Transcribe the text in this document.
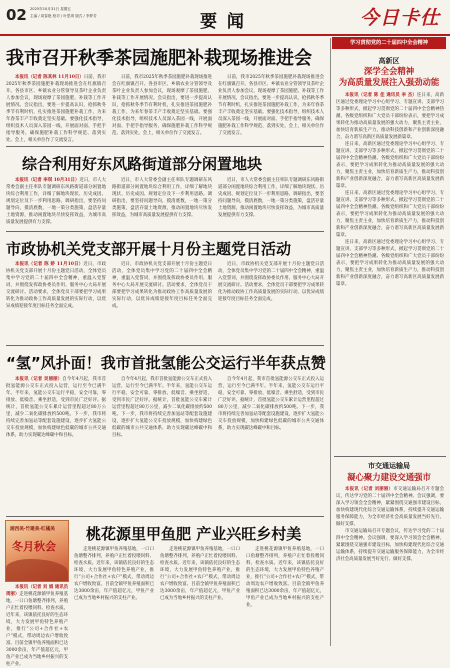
02 2025年10月31日 星期五
主编 / 周春艳 校对 / 叶思琪 版式 / 李梦芳	要 闻	今日卡仕
学习贯彻党的二十届四中全会精神
我市召开秋季茶园施肥补栽现场推进会

本报讯（记者 陈其林 11月10日）日前，我市2025年秋季茶园施肥补栽现场推进会在红旗镇召开。各县市区、乡镇农业分管领导及茶叶企业负责人参加会议，现场观摩了茶园施肥、补栽等工作开展情况。会议指出，要进一步提高认识，抢抓秋冬季节有利时机，扎实推进茶园施肥补栽工作，为来年春茶丰产丰收奠定坚实基础。要强化技术指导，组织技术人员深入茶园一线，开展面对面、手把手指导服务，确保施肥补栽工作科学规范、落到实处。会上，相关单位作了交流发言。

日前，我市2025年秋季茶园施肥补栽现场推进会在红旗镇召开。各县市区、乡镇农业分管领导及茶叶企业负责人参加会议，现场观摩了茶园施肥、补栽等工作开展情况。会议指出，要进一步提高认识，抢抓秋冬季节有利时机，扎实推进茶园施肥补栽工作，为来年春茶丰产丰收奠定坚实基础。要强化技术指导，组织技术人员深入茶园一线，开展面对面、手把手指导服务，确保施肥补栽工作科学规范、落到实处。会上，相关单位作了交流发言。

日前，我市2025年秋季茶园施肥补栽现场推进会在红旗镇召开。各县市区、乡镇农业分管领导及茶叶企业负责人参加会议，现场观摩了茶园施肥、补栽等工作开展情况。会议指出，要进一步提高认识，抢抓秋冬季节有利时机，扎实推进茶园施肥补栽工作，为来年春茶丰产丰收奠定坚实基础。要强化技术指导，组织技术人员深入茶园一线，开展面对面、手把手指导服务，确保施肥补栽工作科学规范、落到实处。会上，相关单位作了交流发言。

综合利用好东风路街道部分闲置地块

本报讯（记者 李琪 10月31日）近日，市人大常委会副主任率队专题调研东风路街道部分闲置地块综合利用工作，详细了解地块现状、历史成因、规划定位及下一步利用思路。调研指出，要坚持问题导向，摸清底数，一地一策分类施策，盘活存量土地资源，推动闲置地块尽快发挥效益，为城市高质量发展提供有力支撑。

近日，市人大常委会副主任率队专题调研东风路街道部分闲置地块综合利用工作，详细了解地块现状、历史成因、规划定位及下一步利用思路。调研指出，要坚持问题导向，摸清底数，一地一策分类施策，盘活存量土地资源，推动闲置地块尽快发挥效益，为城市高质量发展提供有力支撑。

近日，市人大常委会副主任率队专题调研东风路街道部分闲置地块综合利用工作，详细了解地块现状、历史成因、规划定位及下一步利用思路。调研指出，要坚持问题导向，摸清底数，一地一策分类施策，盘活存量土地资源，推动闲置地块尽快发挥效益，为城市高质量发展提供有力支撑。

市政协机关党支部开展十月份主题党日活动

本报讯（记者 陈 娇 11月10日）近日，市政协机关党支部开展十月份主题党日活动，全体党员集中学习党的二十届四中全会精神，重温入党誓词，并围绕发挥政协委员作用、服务中心大局开展交流研讨。活动要求，全体党员干部要把学习成果转化为推动政协工作高质量发展的实际行动，以优异成绩迎接年度目标任务全面完成。

近日，市政协机关党支部开展十月份主题党日活动，全体党员集中学习党的二十届四中全会精神，重温入党誓词，并围绕发挥政协委员作用、服务中心大局开展交流研讨。活动要求，全体党员干部要把学习成果转化为推动政协工作高质量发展的实际行动，以优异成绩迎接年度目标任务全面完成。

近日，市政协机关党支部开展十月份主题党日活动，全体党员集中学习党的二十届四中全会精神，重温入党誓词，并围绕发挥政协委员作用、服务中心大局开展交流研讨。活动要求，全体党员干部要把学习成果转化为推动政协工作高质量发展的实际行动，以优异成绩迎接年度目标任务全面完成。

“氢”风扑面！我市首批氢能公交运行半年获点赞

本报讯（记者 吴丽丽）自今年4月起，我市首批氢能源公交车正式投入运营，运行至今已满半年。半年来，氢能公交车运行平稳，安全可靠，零排放、低噪音、乘坐舒适，受到市民广泛好评。据统计，首批氢能公交车累计运营里程超过80万公里，减少二氧化碳排放约500吨。下一步，我市将持续完善加氢站等配套设施建设，逐步扩大氢能公交车投放规模，加快构建绿色低碳的城市公共交通体系，助力实现碳达峰碳中和目标。

自今年4月起，我市首批氢能源公交车正式投入运营，运行至今已满半年。半年来，氢能公交车运行平稳，安全可靠，零排放、低噪音、乘坐舒适，受到市民广泛好评。据统计，首批氢能公交车累计运营里程超过80万公里，减少二氧化碳排放约500吨。下一步，我市将持续完善加氢站等配套设施建设，逐步扩大氢能公交车投放规模，加快构建绿色低碳的城市公共交通体系，助力实现碳达峰碳中和目标。

自今年4月起，我市首批氢能源公交车正式投入运营，运行至今已满半年。半年来，氢能公交车运行平稳，安全可靠，零排放、低噪音、乘坐舒适，受到市民广泛好评。据统计，首批氢能公交车累计运营里程超过80万公里，减少二氧化碳排放约500吨。下一步，我市将持续完善加氢站等配套设施建设，逐步扩大氢能公交车投放规模，加快构建绿色低碳的城市公共交通体系，助力实现碳达峰碳中和目标。

湘西美·竹建美·红橘美
冬月秋会
桃花源里甲鱼肥 产业兴旺乡村美

本报讯（记者 刘 娟 通讯员 周丽）走进桃花源镇甲鱼养殖基地，一口口鱼塘整齐排列，养殖户正忙着投喂饲料、检查水质。近年来，该镇依托良好的生态环境，大力发展甲鱼特色养殖产业，推行“公司+合作社+农户”模式，带动周边农户增收致富。目前全镇甲鱼养殖面积已达3000余亩，年产值超亿元，甲鱼产业已成为当地乡村振兴的支柱产业。

走进桃花源镇甲鱼养殖基地，一口口鱼塘整齐排列，养殖户正忙着投喂饲料、检查水质。近年来，该镇依托良好的生态环境，大力发展甲鱼特色养殖产业，推行“公司+合作社+农户”模式，带动周边农户增收致富。目前全镇甲鱼养殖面积已达3000余亩，年产值超亿元，甲鱼产业已成为当地乡村振兴的支柱产业。

走进桃花源镇甲鱼养殖基地，一口口鱼塘整齐排列，养殖户正忙着投喂饲料、检查水质。近年来，该镇依托良好的生态环境，大力发展甲鱼特色养殖产业，推行“公司+合作社+农户”模式，带动周边农户增收致富。目前全镇甲鱼养殖面积已达3000余亩，年产值超亿元，甲鱼产业已成为当地乡村振兴的支柱产业。

走进桃花源镇甲鱼养殖基地，一口口鱼塘整齐排列，养殖户正忙着投喂饲料、检查水质。近年来，该镇依托良好的生态环境，大力发展甲鱼特色养殖产业，推行“公司+合作社+农户”模式，带动周边农户增收致富。目前全镇甲鱼养殖面积已达3000余亩，年产值超亿元，甲鱼产业已成为当地乡村振兴的支柱产业。

高新区
深学全会精神
为高质量发展注入强劲动能

本报讯（记者 陈 佳 通讯员 李 杰）连日来，高新区通过党委理论学习中心组学习、专题宣讲、支部学习等多种形式，掀起学习贯彻党的二十届四中全会精神热潮。各级党组织和广大党员干部纷纷表示，要把学习成果转化为推动高质量发展的强大动力，聚焦主责主业，加快培育新质生产力，推动科技创新和产业创新深度融合，奋力谱写高新区高质量发展新篇章。

连日来，高新区通过党委理论学习中心组学习、专题宣讲、支部学习等多种形式，掀起学习贯彻党的二十届四中全会精神热潮。各级党组织和广大党员干部纷纷表示，要把学习成果转化为推动高质量发展的强大动力，聚焦主责主业，加快培育新质生产力，推动科技创新和产业创新深度融合，奋力谱写高新区高质量发展新篇章。

连日来，高新区通过党委理论学习中心组学习、专题宣讲、支部学习等多种形式，掀起学习贯彻党的二十届四中全会精神热潮。各级党组织和广大党员干部纷纷表示，要把学习成果转化为推动高质量发展的强大动力，聚焦主责主业，加快培育新质生产力，推动科技创新和产业创新深度融合，奋力谱写高新区高质量发展新篇章。

连日来，高新区通过党委理论学习中心组学习、专题宣讲、支部学习等多种形式，掀起学习贯彻党的二十届四中全会精神热潮。各级党组织和广大党员干部纷纷表示，要把学习成果转化为推动高质量发展的强大动力，聚焦主责主业，加快培育新质生产力，推动科技创新和产业创新深度融合，奋力谱写高新区高质量发展新篇章。

市交通运输局
凝心聚力建设交通强市

本报讯（记者 刘丽丽）市交通运输局召开专题会议，传达学习党的二十届四中全会精神。会议强调，要深入学习领会全会精神，紧紧围绕交通强市建设目标，加快构建现代化综合交通运输体系，持续提升交通运输服务保障能力，为全市经济社会高质量发展当好先行、做好支撑。

市交通运输局召开专题会议，传达学习党的二十届四中全会精神。会议强调，要深入学习领会全会精神，紧紧围绕交通强市建设目标，加快构建现代化综合交通运输体系，持续提升交通运输服务保障能力，为全市经济社会高质量发展当好先行、做好支撑。
